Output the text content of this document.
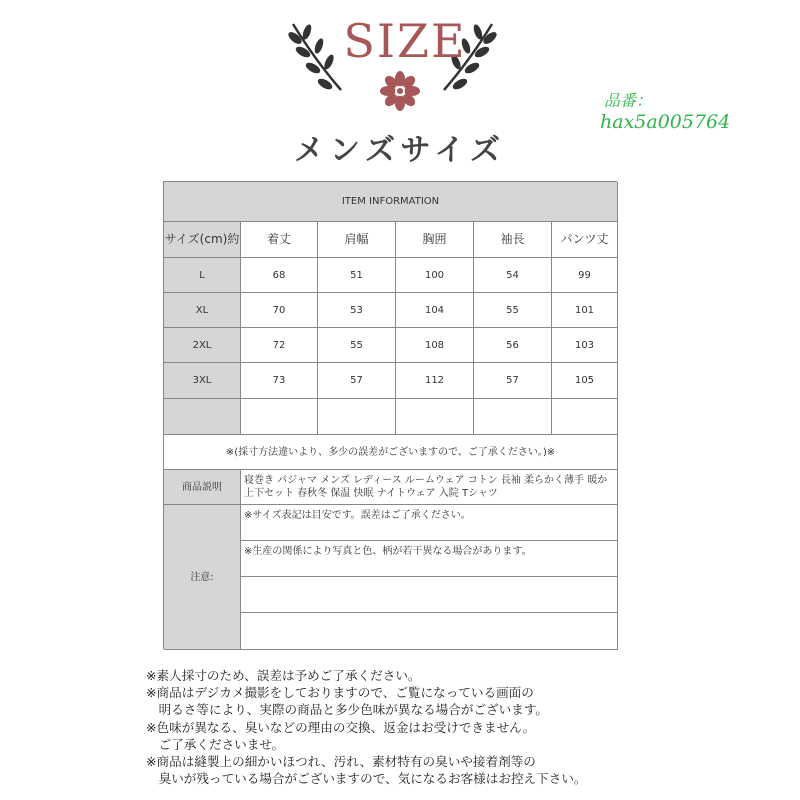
SIZE
品番：
hax5a005764
メンズサイズ
ITEM INFORMATION
サイズ(cm)約	着丈	肩幅	胸囲	袖長	パンツ丈
L	68	51	100	54	99
XL	70	53	104	55	101
2XL	72	55	108	56	103
3XL	73	57	112	57	105
※(採寸方法違いより、多少の誤差がございますので、ご了承ください。)※
商品説明
寝巻き パジャマ メンズ レディース ルームウェア コトン 長袖 柔らかく薄手 暖か 上下セット 春秋冬 保温 快眠 ナイトウェア 入院 Tシャツ
注意:
※サイズ表記は目安です。誤差はご了承ください。
※生産の関係により写真と色、柄が若干異なる場合があります。
※素人採寸のため、誤差は予めご了承ください。
※商品はデジカメ撮影をしておりますので、ご覧になっている画面の
　明るさ等により、実際の商品と多少色味が異なる場合がございます。
※色味が異なる、臭いなどの理由の交換、返金はお受けできません。
　ご了承くださいませ。
※商品は縫製上の細かいほつれ、汚れ、素材特有の臭いや接着剤等の
　臭いが残っている場合がございますので、気になるお客様はお控え下さい。
